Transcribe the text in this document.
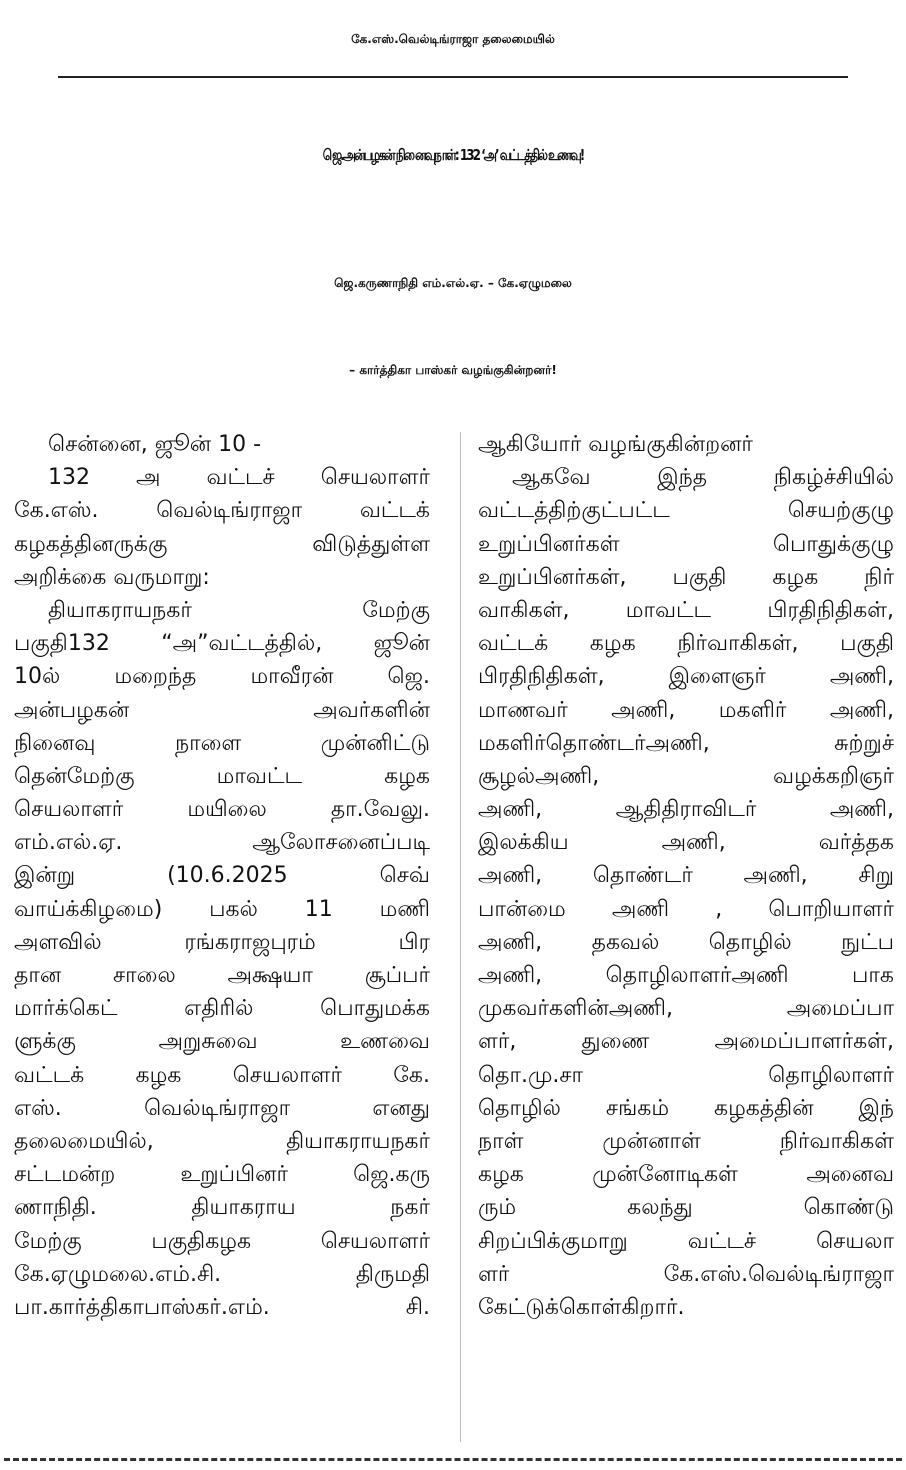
கே.எஸ்.வெல்டிங்ராஜா தலைமையில்
ஜெ.அன்பழகன் நினைவுநாள்: 132 ‘அ’ வட்டத்தில் உணவு!
ஜெ.கருணாநிதி எம்.எல்.ஏ. – கே.ஏழுமலை
– கார்த்திகா பாஸ்கர் வழங்குகின்றனர்!
சென்னை, ஜூன் 10 -
132 அ வட்டச் செயலாளர்
கே.எஸ். வெல்டிங்ராஜா வட்டக்
கழகத்தினருக்கு விடுத்துள்ள
அறிக்கை வருமாறு:
தியாகராயநகர் மேற்கு
பகுதி132 “அ”வட்டத்தில், ஜூன்
10ல் மறைந்த மாவீரன் ஜெ.
அன்பழகன் அவர்களின்
நினைவு நாளை முன்னிட்டு
தென்மேற்கு மாவட்ட கழக
செயலாளர் மயிலை தா.வேலு.
எம்.எல்.ஏ. ஆலோசனைப்படி
இன்று (10.6.2025 செவ்
வாய்க்கிழமை) பகல் 11 மணி
அளவில் ரங்கராஜபுரம் பிர
தான சாலை அக்ஷயா சூப்பர்
மார்க்கெட் எதிரில் பொதுமக்க
ளுக்கு அறுசுவை உணவை
வட்டக் கழக செயலாளர் கே.
எஸ். வெல்டிங்ராஜா எனது
தலைமையில், தியாகராயநகர்
சட்டமன்ற உறுப்பினர் ஜெ.கரு
ணாநிதி. தியாகராய நகர்
மேற்கு பகுதிகழக செயலாளர்
கே.ஏழுமலை.எம்.சி. திருமதி
பா.கார்த்திகாபாஸ்கர்.எம். சி.
ஆகியோர் வழங்குகின்றனர்
ஆகவே இந்த நிகழ்ச்சியில்
வட்டத்திற்குட்பட்ட செயற்குழு
உறுப்பினர்கள் பொதுக்குழு
உறுப்பினர்கள், பகுதி கழக நிர்
வாகிகள், மாவட்ட பிரதிநிதிகள்,
வட்டக் கழக நிர்வாகிகள், பகுதி
பிரதிநிதிகள், இளைஞர் அணி,
மாணவர் அணி, மகளிர் அணி,
மகளிர்தொண்டர்அணி, சுற்றுச்
சூழல்அணி, வழக்கறிஞர்
அணி, ஆதிதிராவிடர் அணி,
இலக்கிய அணி, வர்த்தக
அணி, தொண்டர் அணி, சிறு
பான்மை அணி , பொறியாளர்
அணி, தகவல் தொழில் நுட்ப
அணி, தொழிலாளர்அணி பாக
முகவர்களின்அணி, அமைப்பா
ளர், துணை அமைப்பாளர்கள்,
தொ.மு.சா தொழிலாளர்
தொழில் சங்கம் கழகத்தின் இந்
நாள் முன்னாள் நிர்வாகிகள்
கழக முன்னோடிகள் அனைவ
ரும் கலந்து கொண்டு
சிறப்பிக்குமாறு வட்டச் செயலா
ளர் கே.எஸ்.வெல்டிங்ராஜா
கேட்டுக்கொள்கிறார்.
